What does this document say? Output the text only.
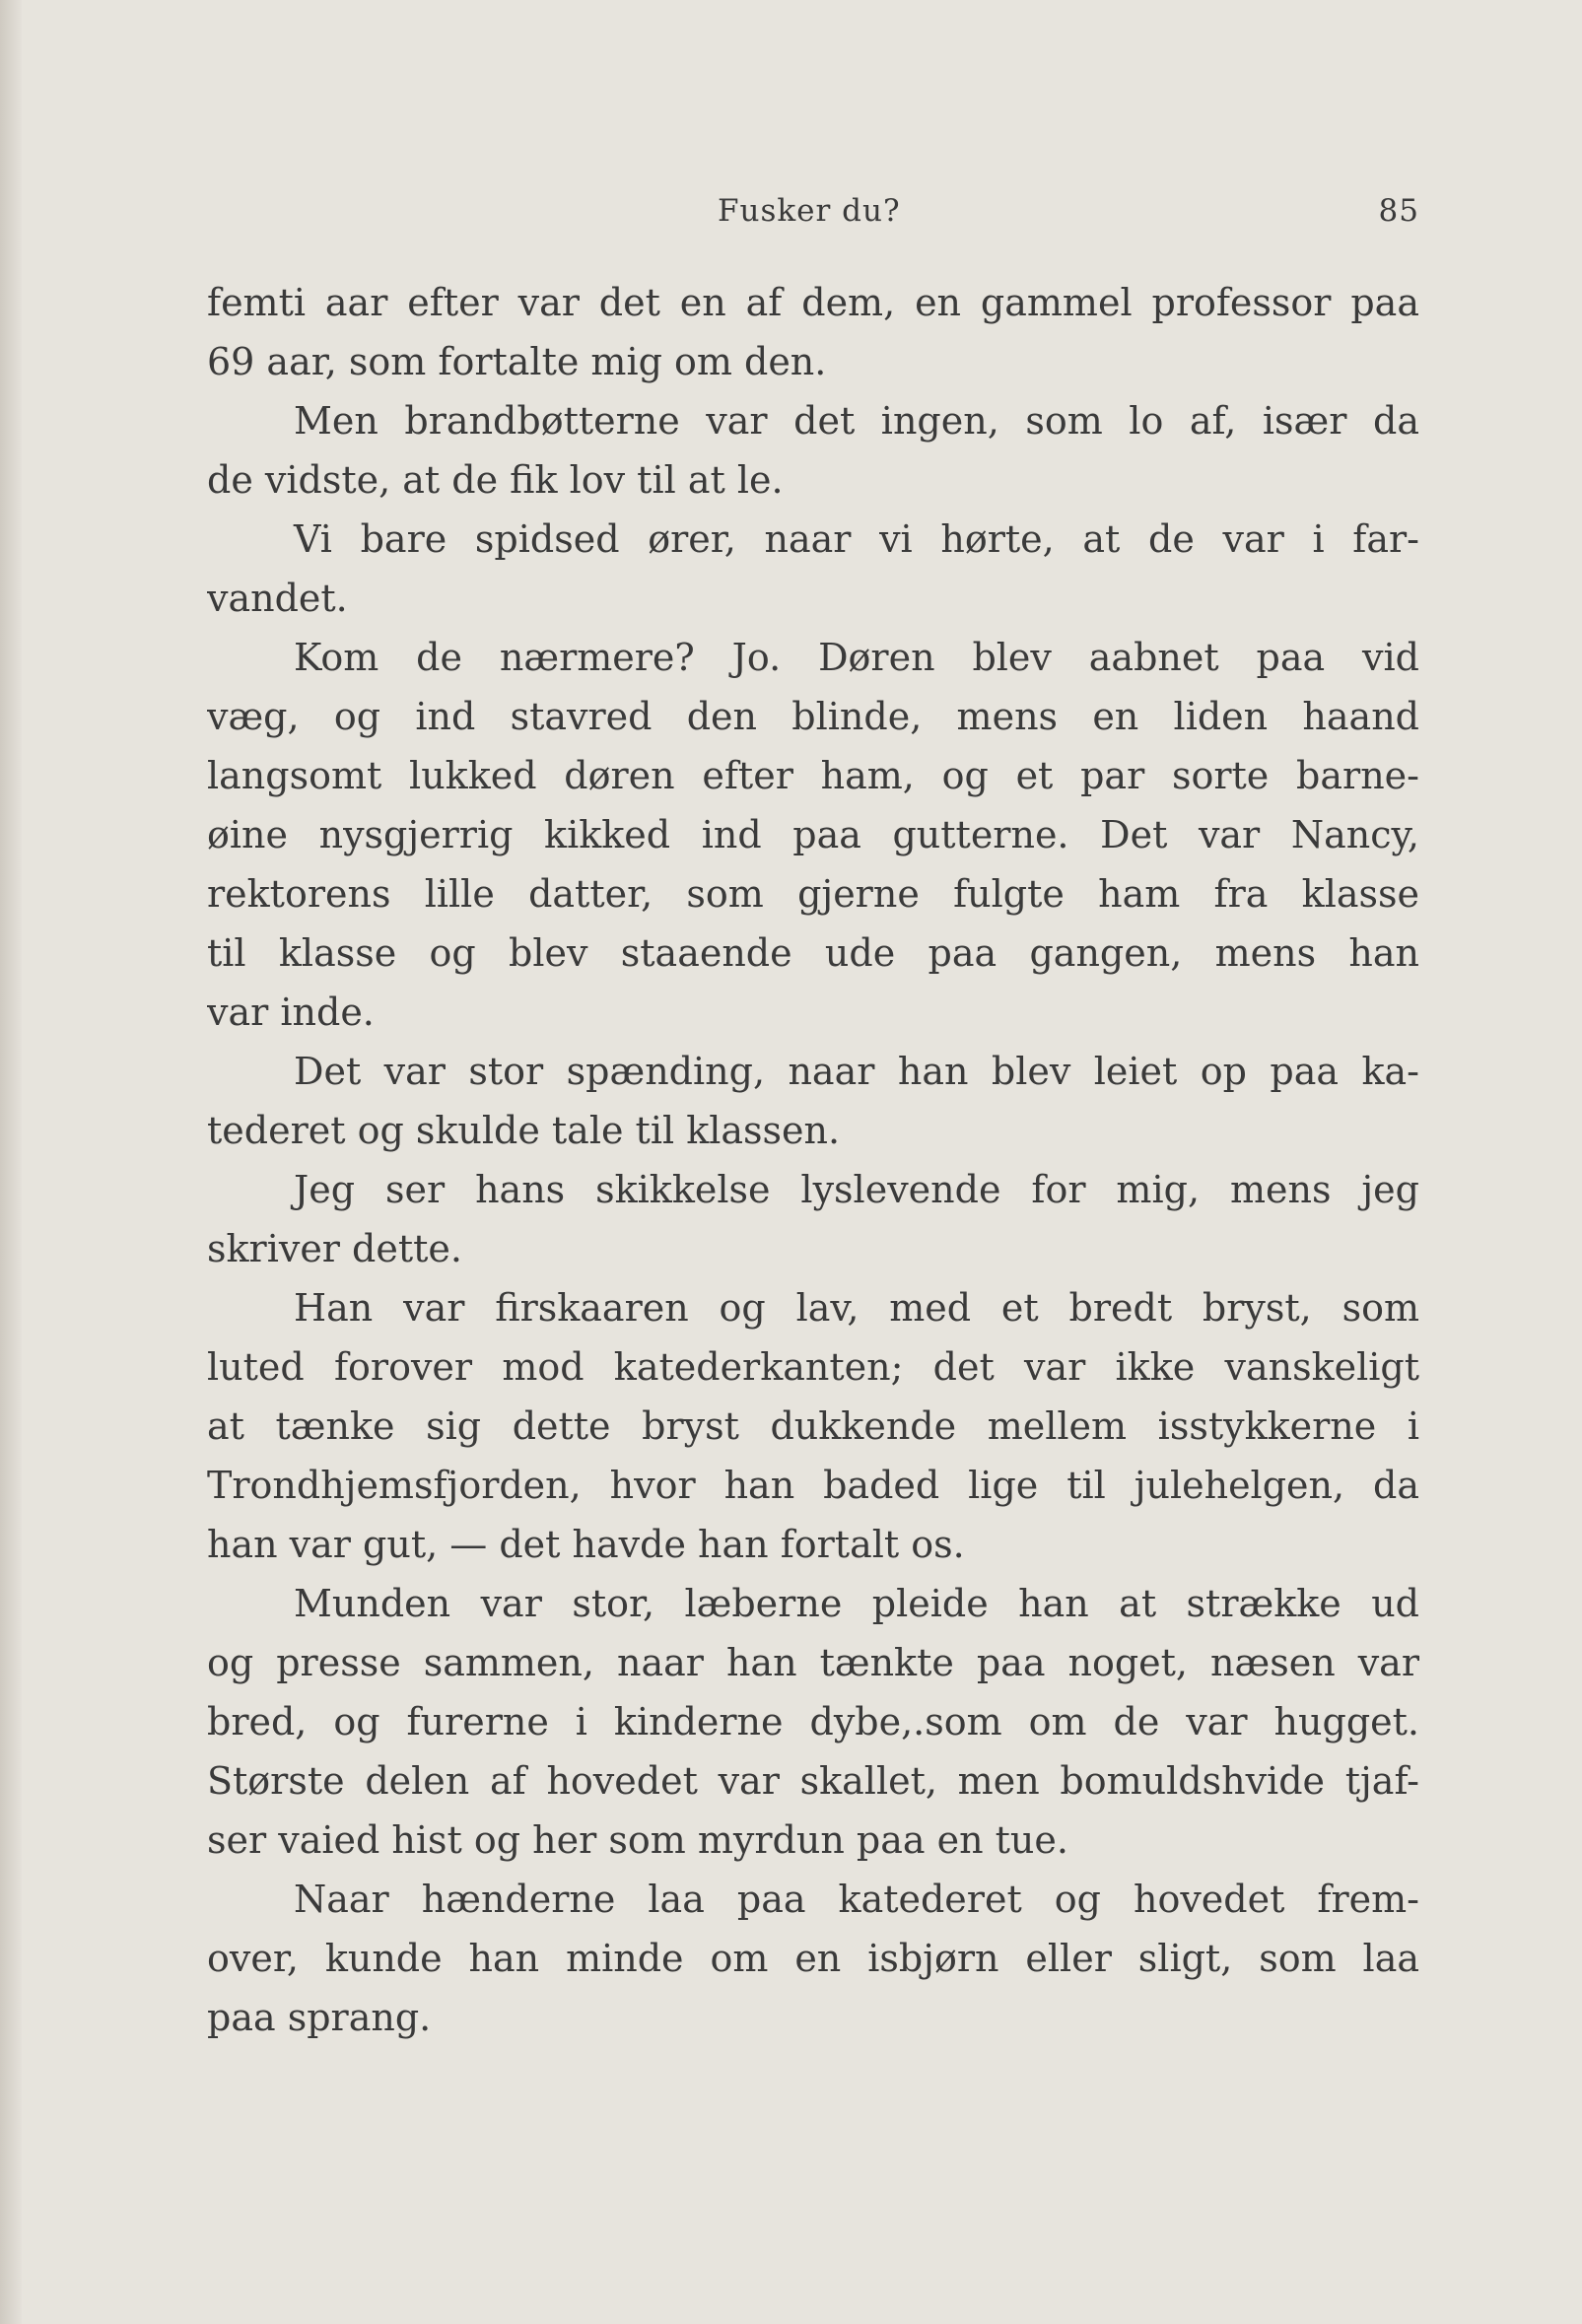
Fusker du?	85
femti aar efter var det en af dem, en gammel professor paa
69 aar, som fortalte mig om den.
Men brandbøtterne var det ingen, som lo af, især da
de vidste, at de fik lov til at le.
Vi bare spidsed ører, naar vi hørte, at de var i far-
vandet.
Kom de nærmere? Jo. Døren blev aabnet paa vid
væg, og ind stavred den blinde, mens en liden haand
langsomt lukked døren efter ham, og et par sorte barne-
øine nysgjerrig kikked ind paa gutterne. Det var Nancy,
rektorens lille datter, som gjerne fulgte ham fra klasse
til klasse og blev staaende ude paa gangen, mens han
var inde.
Det var stor spænding, naar han blev leiet op paa ka-
tederet og skulde tale til klassen.
Jeg ser hans skikkelse lyslevende for mig, mens jeg
skriver dette.
Han var firskaaren og lav, med et bredt bryst, som
luted forover mod katederkanten; det var ikke vanskeligt
at tænke sig dette bryst dukkende mellem isstykkerne i
Trondhjemsfjorden, hvor han baded lige til julehelgen, da
han var gut, — det havde han fortalt os.
Munden var stor, læberne pleide han at strække ud
og presse sammen, naar han tænkte paa noget, næsen var
bred, og furerne i kinderne dybe,.som om de var hugget.
Største delen af hovedet var skallet, men bomuldshvide tjaf-
ser vaied hist og her som myrdun paa en tue.
Naar hænderne laa paa katederet og hovedet frem-
over, kunde han minde om en isbjørn eller sligt, som laa
paa sprang.
